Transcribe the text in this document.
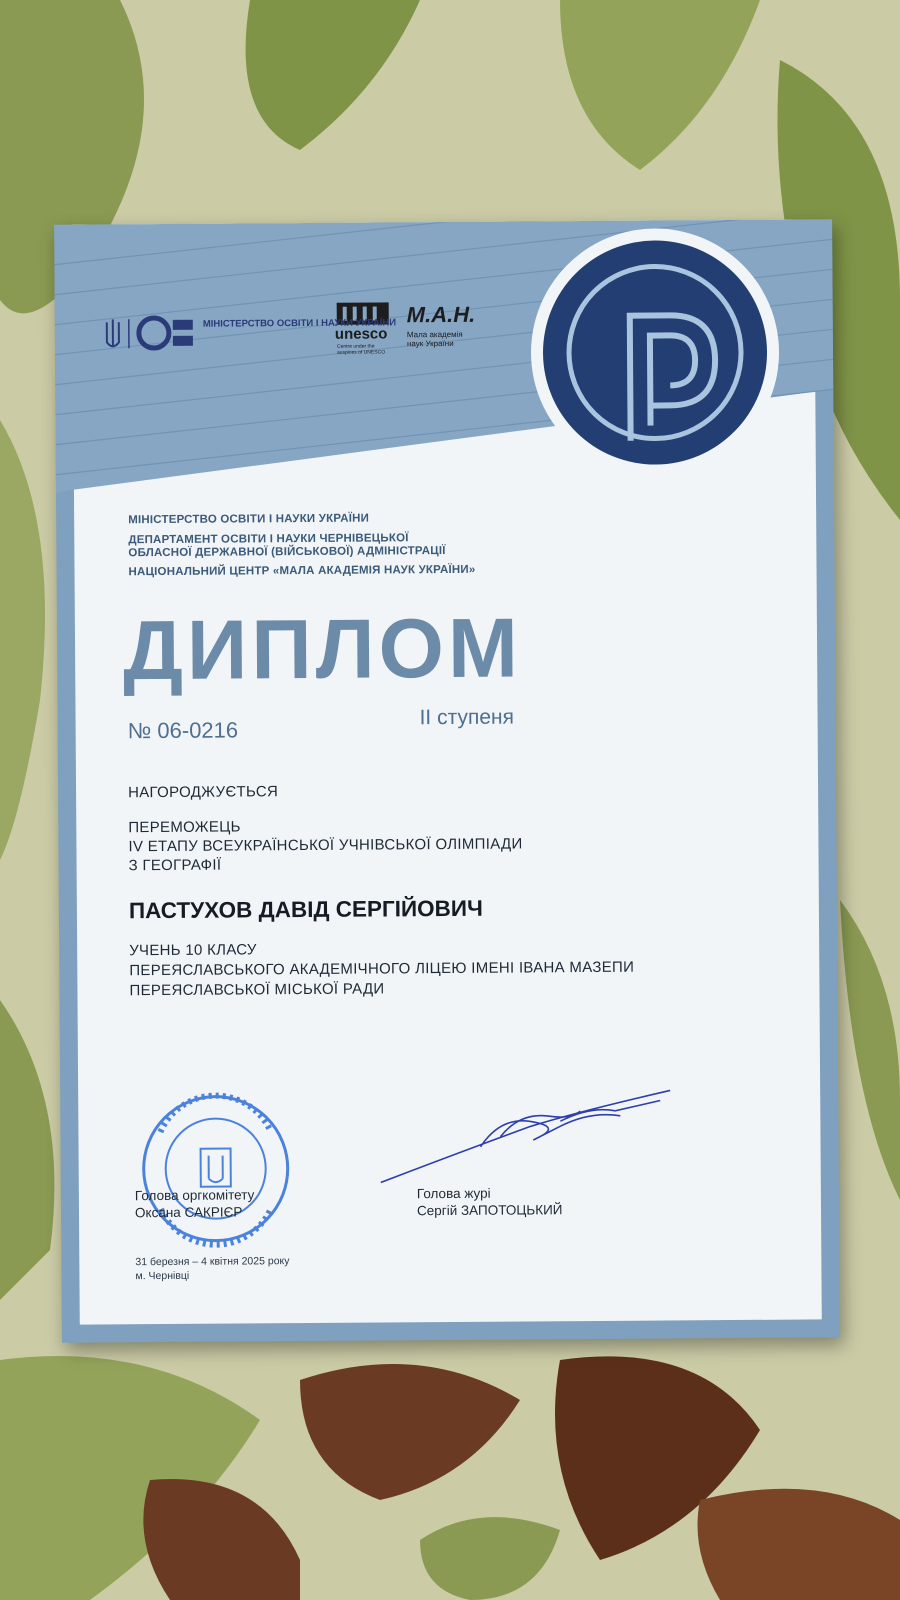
МІНІСТЕРСТВО ОСВІТИ І НАУКИ УКРАЇНИ
unesco
Centre under the auspices of UNESCO
М.А.Н.
Мала академія наук України
МІНІСТЕРСТВО ОСВІТИ І НАУКИ УКРАЇНИ
ДЕПАРТАМЕНТ ОСВІТИ І НАУКИ ЧЕРНІВЕЦЬКОЇ
ОБЛАСНОЇ ДЕРЖАВНОЇ (ВІЙСЬКОВОЇ) АДМІНІСТРАЦІЇ
НАЦІОНАЛЬНИЙ ЦЕНТР «МАЛА АКАДЕМІЯ НАУК УКРАЇНИ»
ДИПЛОМ
№ 06-0216
ІІ ступеня
НАГОРОДЖУЄТЬСЯ
ПЕРЕМОЖЕЦЬ
IV ЕТАПУ ВСЕУКРАЇНСЬКОЇ УЧНІВСЬКОЇ ОЛІМПІАДИ
З ГЕОГРАФІЇ
ПАСТУХОВ ДАВІД СЕРГІЙОВИЧ
УЧЕНЬ 10 КЛАСУ
ПЕРЕЯСЛАВСЬКОГО АКАДЕМІЧНОГО ЛІЦЕЮ ІМЕНІ ІВАНА МАЗЕПИ
ПЕРЕЯСЛАВСЬКОЇ МІСЬКОЇ РАДИ
Голова оргкомітету
Оксана САКРІЄР
Голова журі
Сергій ЗАПОТОЦЬКИЙ
31 березня – 4 квітня 2025 року
м. Чернівці
